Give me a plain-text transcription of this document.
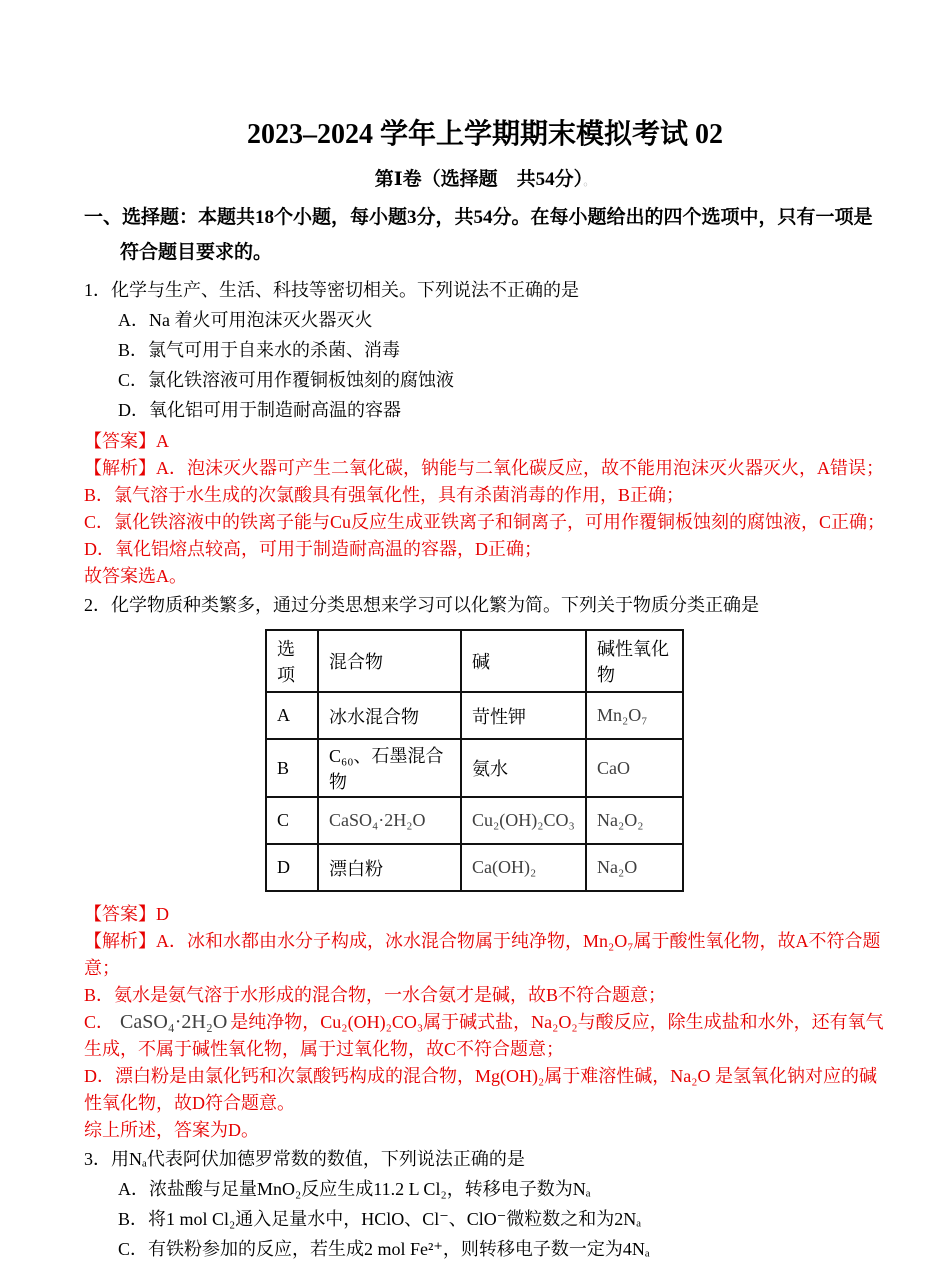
2023–2024 学年上学期期末模拟考试 02

第Ⅰ卷（选择题　共54分）。

一、选择题：本题共18个小题，每小题3分，共54分。在每小题给出的四个选项中，只有一项是符合题目要求的。

1．化学与生产、生活、科技等密切相关。下列说法不正确的是

A．Na 着火可用泡沫灭火器灭火

B．氯气可用于自来水的杀菌、消毒

C．氯化铁溶液可用作覆铜板蚀刻的腐蚀液

D．氧化铝可用于制造耐高温的容器

【答案】A

【解析】A．泡沫灭火器可产生二氧化碳，钠能与二氧化碳反应，故不能用泡沫灭火器灭火，A错误；

B．氯气溶于水生成的次氯酸具有强氧化性，具有杀菌消毒的作用，B正确；

C．氯化铁溶液中的铁离子能与Cu反应生成亚铁离子和铜离子，可用作覆铜板蚀刻的腐蚀液，C正确；

D．氧化铝熔点较高，可用于制造耐高温的容器，D正确；

故答案选A。

2．化学物质种类繁多，通过分类思想来学习可以化繁为简。下列关于物质分类正确是

选项	混合物	碱	碱性氧化物
A	冰水混合物	苛性钾	Mn₂O₇
B	C₆₀、石墨混合物	氨水	CaO
C	CaSO₄·2H₂O	Cu₂(OH)₂CO₃	Na₂O₂
D	漂白粉	Ca(OH)₂	Na₂O

【答案】D

【解析】A．冰和水都由水分子构成，冰水混合物属于纯净物，Mn₂O₇属于酸性氧化物，故A不符合题意；

B．氨水是氨气溶于水形成的混合物，一水合氨才是碱，故B不符合题意；

C． CaSO₄·2H₂O 是纯净物，Cu₂(OH)₂CO₃属于碱式盐，Na₂O₂与酸反应，除生成盐和水外，还有氧气生成，不属于碱性氧化物，属于过氧化物，故C不符合题意；

D．漂白粉是由氯化钙和次氯酸钙构成的混合物，Mg(OH)₂属于难溶性碱，Na₂O 是氢氧化钠对应的碱性氧化物，故D符合题意。

综上所述，答案为D。

3．用Nₐ代表阿伏加德罗常数的数值，下列说法正确的是

A．浓盐酸与足量MnO₂反应生成11.2 L Cl₂，转移电子数为Nₐ

B．将1 mol Cl₂通入足量水中，HClO、Cl⁻、ClO⁻微粒数之和为2Nₐ

C．有铁粉参加的反应，若生成2 mol Fe²⁺，则转移电子数一定为4Nₐ
